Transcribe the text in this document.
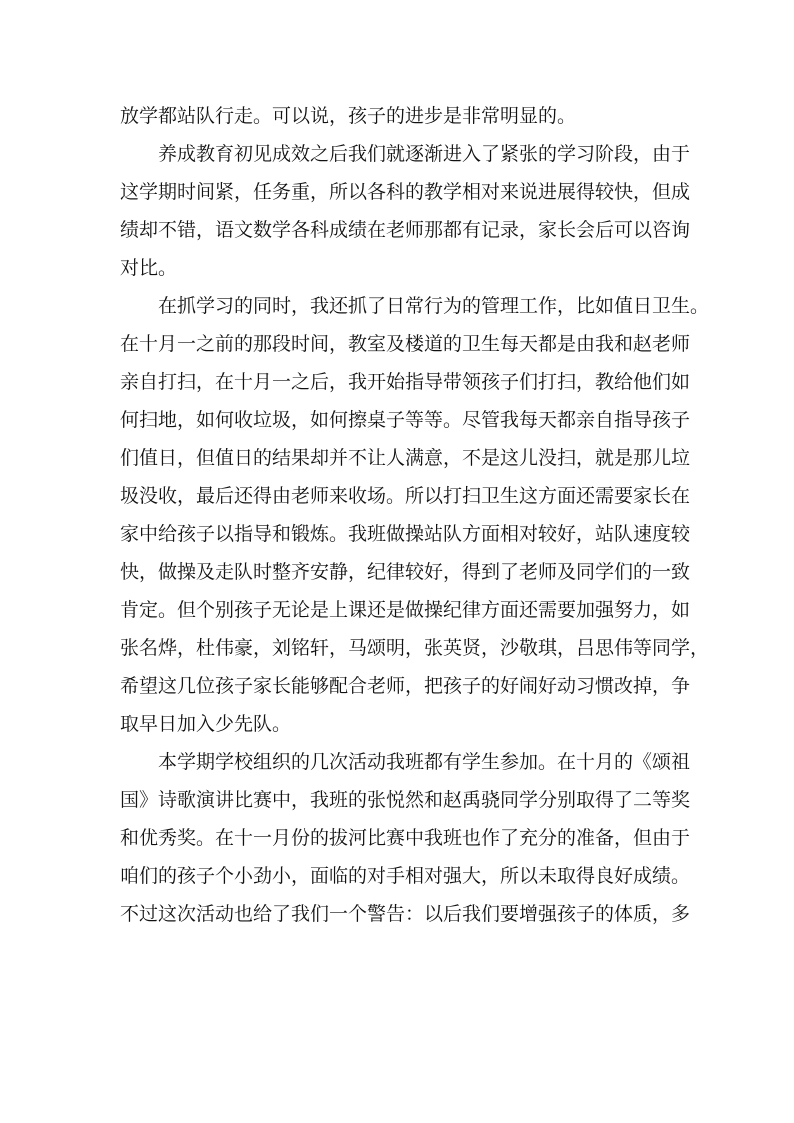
放学都站队行走。可以说，孩子的进步是非常明显的。
养成教育初见成效之后我们就逐渐进入了紧张的学习阶段，由于
这学期时间紧，任务重，所以各科的教学相对来说进展得较快，但成
绩却不错，语文数学各科成绩在老师那都有记录，家长会后可以咨询
对比。
在抓学习的同时，我还抓了日常行为的管理工作，比如值日卫生。
在十月一之前的那段时间，教室及楼道的卫生每天都是由我和赵老师
亲自打扫，在十月一之后，我开始指导带领孩子们打扫，教给他们如
何扫地，如何收垃圾，如何擦桌子等等。尽管我每天都亲自指导孩子
们值日，但值日的结果却并不让人满意，不是这儿没扫，就是那儿垃
圾没收，最后还得由老师来收场。所以打扫卫生这方面还需要家长在
家中给孩子以指导和锻炼。我班做操站队方面相对较好，站队速度较
快，做操及走队时整齐安静，纪律较好，得到了老师及同学们的一致
肯定。但个别孩子无论是上课还是做操纪律方面还需要加强努力，如
张名烨，杜伟豪，刘铭轩，马颂明，张英贤，沙敬琪，吕思伟等同学，
希望这几位孩子家长能够配合老师，把孩子的好闹好动习惯改掉，争
取早日加入少先队。
本学期学校组织的几次活动我班都有学生参加。在十月的《颂祖
国》诗歌演讲比赛中，我班的张悦然和赵禹骁同学分别取得了二等奖
和优秀奖。在十一月份的拔河比赛中我班也作了充分的准备，但由于
咱们的孩子个小劲小，面临的对手相对强大，所以未取得良好成绩。
不过这次活动也给了我们一个警告：以后我们要增强孩子的体质，多
